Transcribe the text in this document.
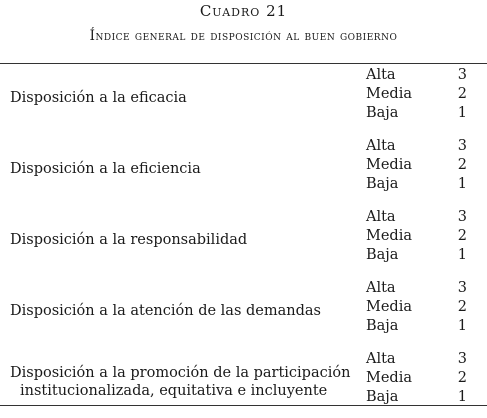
Cuadro 21
Índice general de disposición al buen gobierno
Disposición a la eficacia
Alta	3
Media	2
Baja	1
Disposición a la eficiencia
Alta	3
Media	2
Baja	1
Disposición a la responsabilidad
Alta	3
Media	2
Baja	1
Disposición a la atención de las demandas
Alta	3
Media	2
Baja	1
Disposición a la promoción de la participación
institucionalizada, equitativa e incluyente
Alta	3
Media	2
Baja	1
